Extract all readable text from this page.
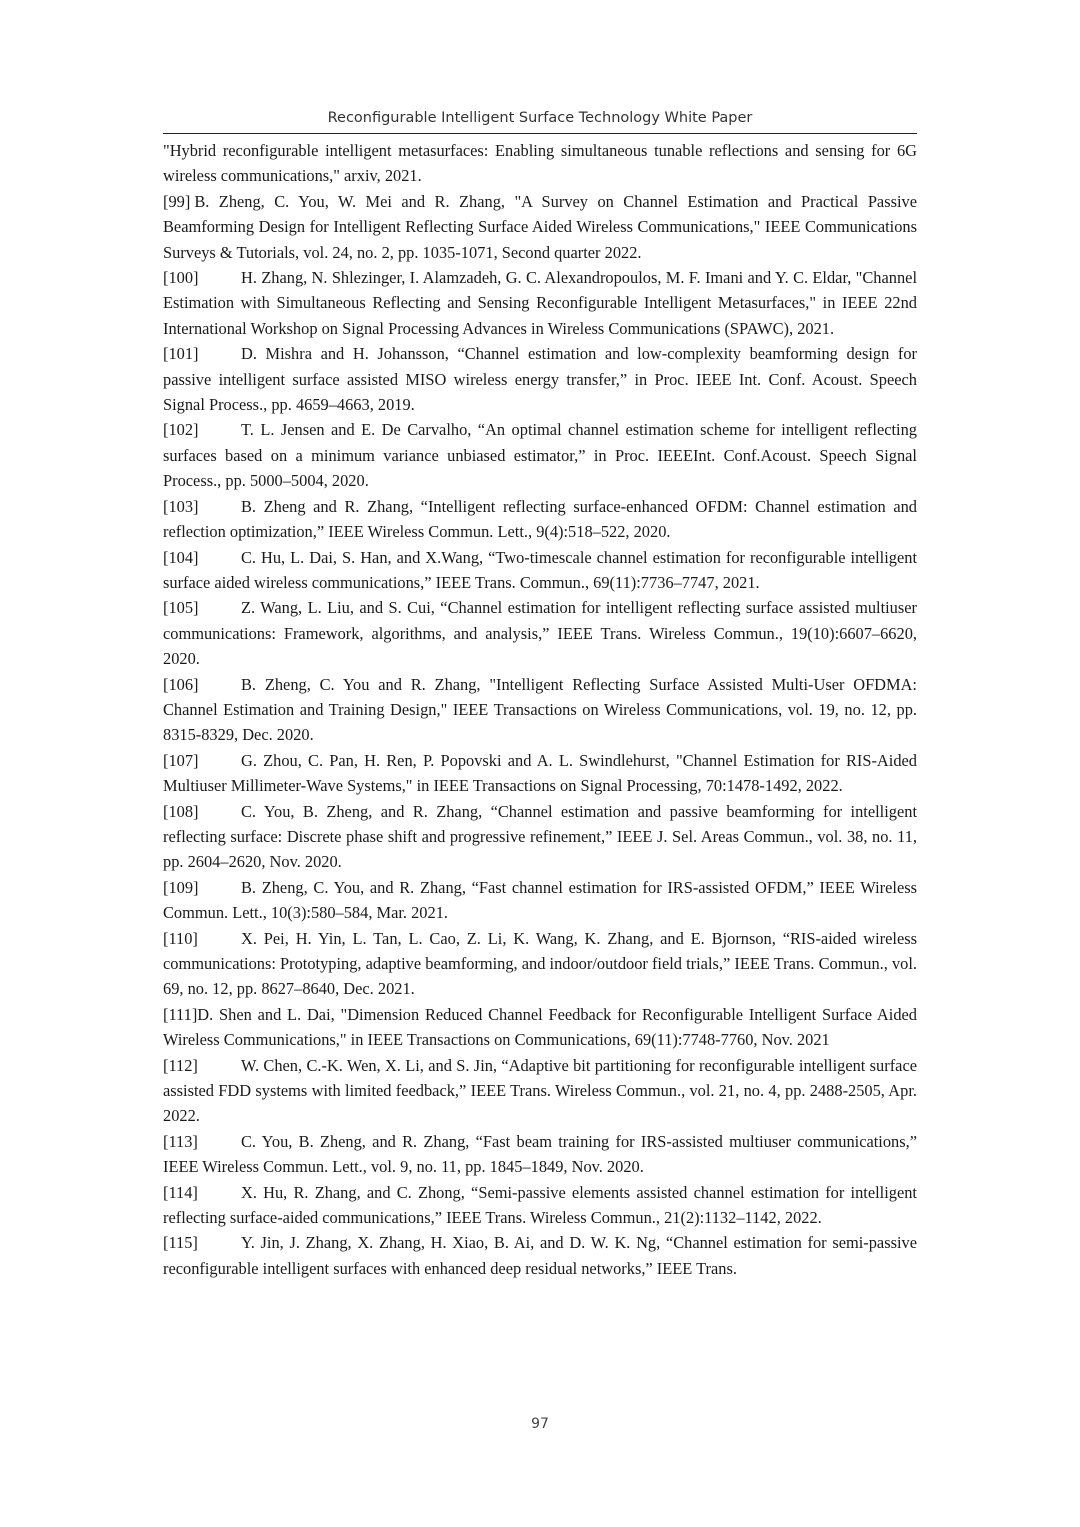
Reconfigurable Intelligent Surface Technology White Paper

"Hybrid reconfigurable intelligent metasurfaces: Enabling simultaneous tunable reflections and sensing for 6G wireless communications," arxiv, 2021.

[99] B. Zheng, C. You, W. Mei and R. Zhang, "A Survey on Channel Estimation and Practical Passive Beamforming Design for Intelligent Reflecting Surface Aided Wireless Communications," IEEE Communications Surveys & Tutorials, vol. 24, no. 2, pp. 1035-1071, Second quarter 2022.

[100]	H. Zhang, N. Shlezinger, I. Alamzadeh, G. C. Alexandropoulos, M. F. Imani and Y. C. Eldar, "Channel Estimation with Simultaneous Reflecting and Sensing Reconfigurable Intelligent Metasurfaces," in IEEE 22nd International Workshop on Signal Processing Advances in Wireless Communications (SPAWC), 2021.

[101]	D. Mishra and H. Johansson, “Channel estimation and low-complexity beamforming design for passive intelligent surface assisted MISO wireless energy transfer,” in Proc. IEEE Int. Conf. Acoust. Speech Signal Process., pp. 4659–4663, 2019.

[102]	T. L. Jensen and E. De Carvalho, “An optimal channel estimation scheme for intelligent reflecting surfaces based on a minimum variance unbiased estimator,” in Proc. IEEEInt. Conf.Acoust. Speech Signal Process., pp. 5000–5004, 2020.

[103]	B. Zheng and R. Zhang, “Intelligent reflecting surface-enhanced OFDM: Channel estimation and reflection optimization,” IEEE Wireless Commun. Lett., 9(4):518–522, 2020.

[104]	C. Hu, L. Dai, S. Han, and X.Wang, “Two-timescale channel estimation for reconfigurable intelligent surface aided wireless communications,” IEEE Trans. Commun., 69(11):7736–7747, 2021.

[105]	Z. Wang, L. Liu, and S. Cui, “Channel estimation for intelligent reflecting surface assisted multiuser communications: Framework, algorithms, and analysis,” IEEE Trans. Wireless Commun., 19(10):6607–6620, 2020.

[106]	B. Zheng, C. You and R. Zhang, "Intelligent Reflecting Surface Assisted Multi-User OFDMA: Channel Estimation and Training Design," IEEE Transactions on Wireless Communications, vol. 19, no. 12, pp. 8315-8329, Dec. 2020.

[107]	G. Zhou, C. Pan, H. Ren, P. Popovski and A. L. Swindlehurst, "Channel Estimation for RIS-Aided Multiuser Millimeter-Wave Systems," in IEEE Transactions on Signal Processing, 70:1478-1492, 2022.

[108]	C. You, B. Zheng, and R. Zhang, “Channel estimation and passive beamforming for intelligent reflecting surface: Discrete phase shift and progressive refinement,” IEEE J. Sel. Areas Commun., vol. 38, no. 11, pp. 2604–2620, Nov. 2020.

[109]	B. Zheng, C. You, and R. Zhang, “Fast channel estimation for IRS-assisted OFDM,” IEEE Wireless Commun. Lett., 10(3):580–584, Mar. 2021.

[110]	X. Pei, H. Yin, L. Tan, L. Cao, Z. Li, K. Wang, K. Zhang, and E. Bjornson, “RIS-aided wireless communications: Prototyping, adaptive beamforming, and indoor/outdoor field trials,” IEEE Trans. Commun., vol. 69, no. 12, pp. 8627–8640, Dec. 2021.

[111]D. Shen and L. Dai, "Dimension Reduced Channel Feedback for Reconfigurable Intelligent Surface Aided Wireless Communications," in IEEE Transactions on Communications, 69(11):7748-7760, Nov. 2021

[112]	W. Chen, C.-K. Wen, X. Li, and S. Jin, “Adaptive bit partitioning for reconfigurable intelligent surface assisted FDD systems with limited feedback,” IEEE Trans. Wireless Commun., vol. 21, no. 4, pp. 2488-2505, Apr. 2022.

[113]	C. You, B. Zheng, and R. Zhang, “Fast beam training for IRS-assisted multiuser communications,” IEEE Wireless Commun. Lett., vol. 9, no. 11, pp. 1845–1849, Nov. 2020.

[114]	X. Hu, R. Zhang, and C. Zhong, “Semi-passive elements assisted channel estimation for intelligent reflecting surface-aided communications,” IEEE Trans. Wireless Commun., 21(2):1132–1142, 2022.

[115]	Y. Jin, J. Zhang, X. Zhang, H. Xiao, B. Ai, and D. W. K. Ng, “Channel estimation for semi-passive reconfigurable intelligent surfaces with enhanced deep residual networks,” IEEE Trans.

97
